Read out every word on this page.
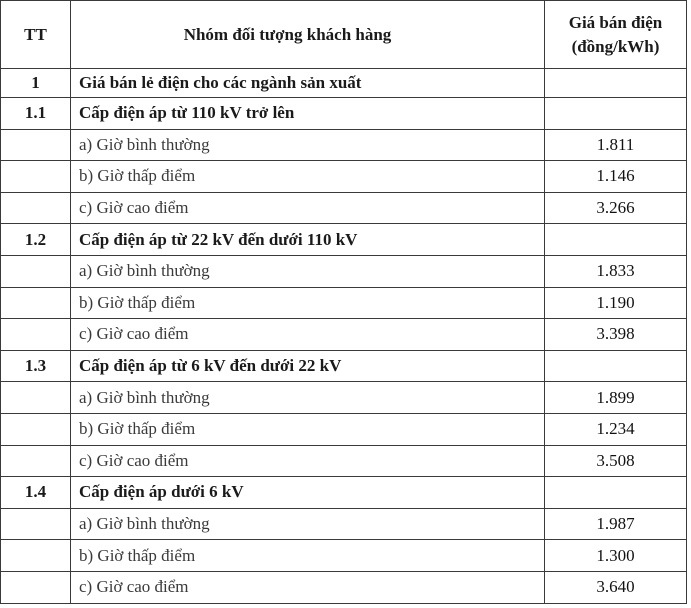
TT	Nhóm đối tượng khách hàng	Giá bán điện
(đồng/kWh)

1	Giá bán lẻ điện cho các ngành sản xuất	
1.1	Cấp điện áp từ 110 kV trở lên	
	a) Giờ bình thường	1.811
	b) Giờ thấp điểm	1.146
	c) Giờ cao điểm	3.266
1.2	Cấp điện áp từ 22 kV đến dưới 110 kV	
	a) Giờ bình thường	1.833
	b) Giờ thấp điểm	1.190
	c) Giờ cao điểm	3.398
1.3	Cấp điện áp từ 6 kV đến dưới 22 kV	
	a) Giờ bình thường	1.899
	b) Giờ thấp điểm	1.234
	c) Giờ cao điểm	3.508
1.4	Cấp điện áp dưới 6 kV	
	a) Giờ bình thường	1.987
	b) Giờ thấp điểm	1.300
	c) Giờ cao điểm	3.640
